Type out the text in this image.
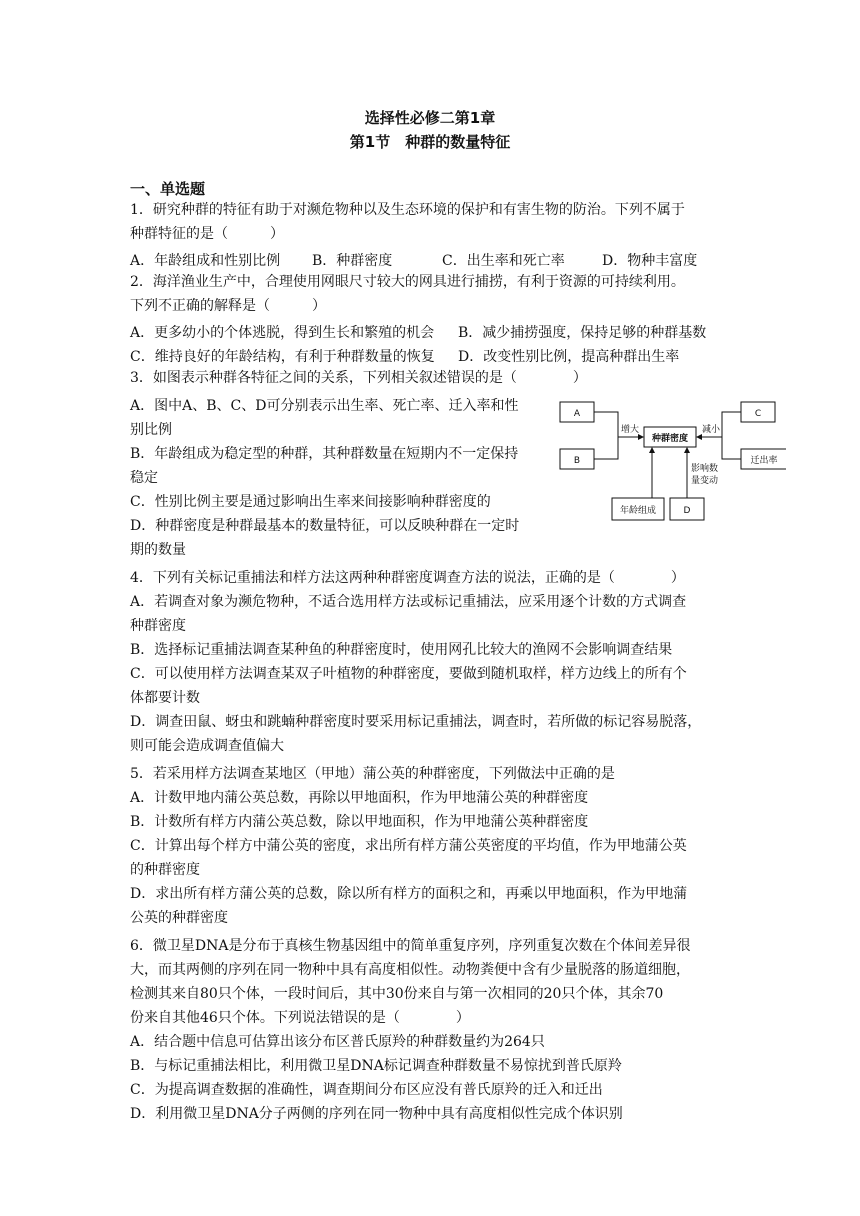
选择性必修二第1章
第1节　种群的数量特征
一、单选题
1．研究种群的特征有助于对濒危物种以及生态环境的保护和有害生物的防治。下列不属于
种群特征的是（　　　）
A．年龄组成和性别比例 B．种群密度	C．出生率和死亡率	D．物种丰富度
2．海洋渔业生产中，合理使用网眼尺寸较大的网具进行捕捞，有利于资源的可持续利用。
下列不正确的解释是（　　　）
A．更多幼小的个体逃脱，得到生长和繁殖的机会 B．减少捕捞强度，保持足够的种群基数
C．维持良好的年龄结构，有利于种群数量的恢复 D．改变性别比例，提高种群出生率
3．如图表示种群各特征之间的关系，下列相关叙述错误的是（　　　　）
A．图中A、B、C、D可分别表示出生率、死亡率、迁入率和性
别比例
B．年龄组成为稳定型的种群，其种群数量在短期内不一定保持
稳定
C．性别比例主要是通过影响出生率来间接影响种群密度的
D．种群密度是种群最基本的数量特征，可以反映种群在一定时
期的数量
A
B
种群密度
C
迁出率
年龄组成	D
增大	减小
影响数
量变动
4．下列有关标记重捕法和样方法这两种种群密度调查方法的说法，正确的是（　　　　）
A．若调查对象为濒危物种，不适合选用样方法或标记重捕法，应采用逐个计数的方式调查
种群密度
B．选择标记重捕法调查某种鱼的种群密度时，使用网孔比较大的渔网不会影响调查结果
C．可以使用样方法调查某双子叶植物的种群密度，要做到随机取样，样方边线上的所有个
体都要计数
D．调查田鼠、蚜虫和跳蝻种群密度时要采用标记重捕法，调查时，若所做的标记容易脱落，
则可能会造成调查值偏大
5．若采用样方法调查某地区（甲地）蒲公英的种群密度，下列做法中正确的是
A．计数甲地内蒲公英总数，再除以甲地面积，作为甲地蒲公英的种群密度
B．计数所有样方内蒲公英总数，除以甲地面积，作为甲地蒲公英种群密度
C．计算出每个样方中蒲公英的密度，求出所有样方蒲公英密度的平均值，作为甲地蒲公英
的种群密度
D．求出所有样方蒲公英的总数，除以所有样方的面积之和，再乘以甲地面积，作为甲地蒲
公英的种群密度
6．微卫星DNA是分布于真核生物基因组中的简单重复序列，序列重复次数在个体间差异很
大，而其两侧的序列在同一物种中具有高度相似性。动物粪便中含有少量脱落的肠道细胞，
检测其来自80只个体，一段时间后，其中30份来自与第一次相同的20只个体，其余70
份来自其他46只个体。下列说法错误的是（　　　　）
A．结合题中信息可估算出该分布区普氏原羚的种群数量约为264只
B．与标记重捕法相比，利用微卫星DNA标记调查种群数量不易惊扰到普氏原羚
C．为提高调查数据的准确性，调查期间分布区应没有普氏原羚的迁入和迁出
D．利用微卫星DNA分子两侧的序列在同一物种中具有高度相似性完成个体识别
